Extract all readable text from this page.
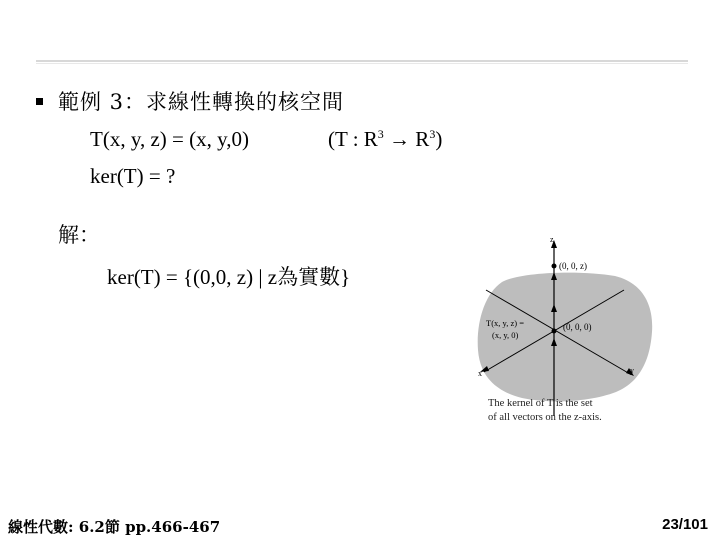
範例 3：求線性轉換的核空間
T(x, y, z) = (x, y,0)	(T : $R^3 \to R^3$)
ker(T) = ?
解：
ker(T) = {(0,0, z) | z為實數}
z
(0, 0, z)
(0, 0, 0)
T(x, y, z) =
(x, y, 0)
x	y
The kernel of T is the set
of all vectors on the z-axis.
線性代數: 6.2節 pp.466-467	23/101
